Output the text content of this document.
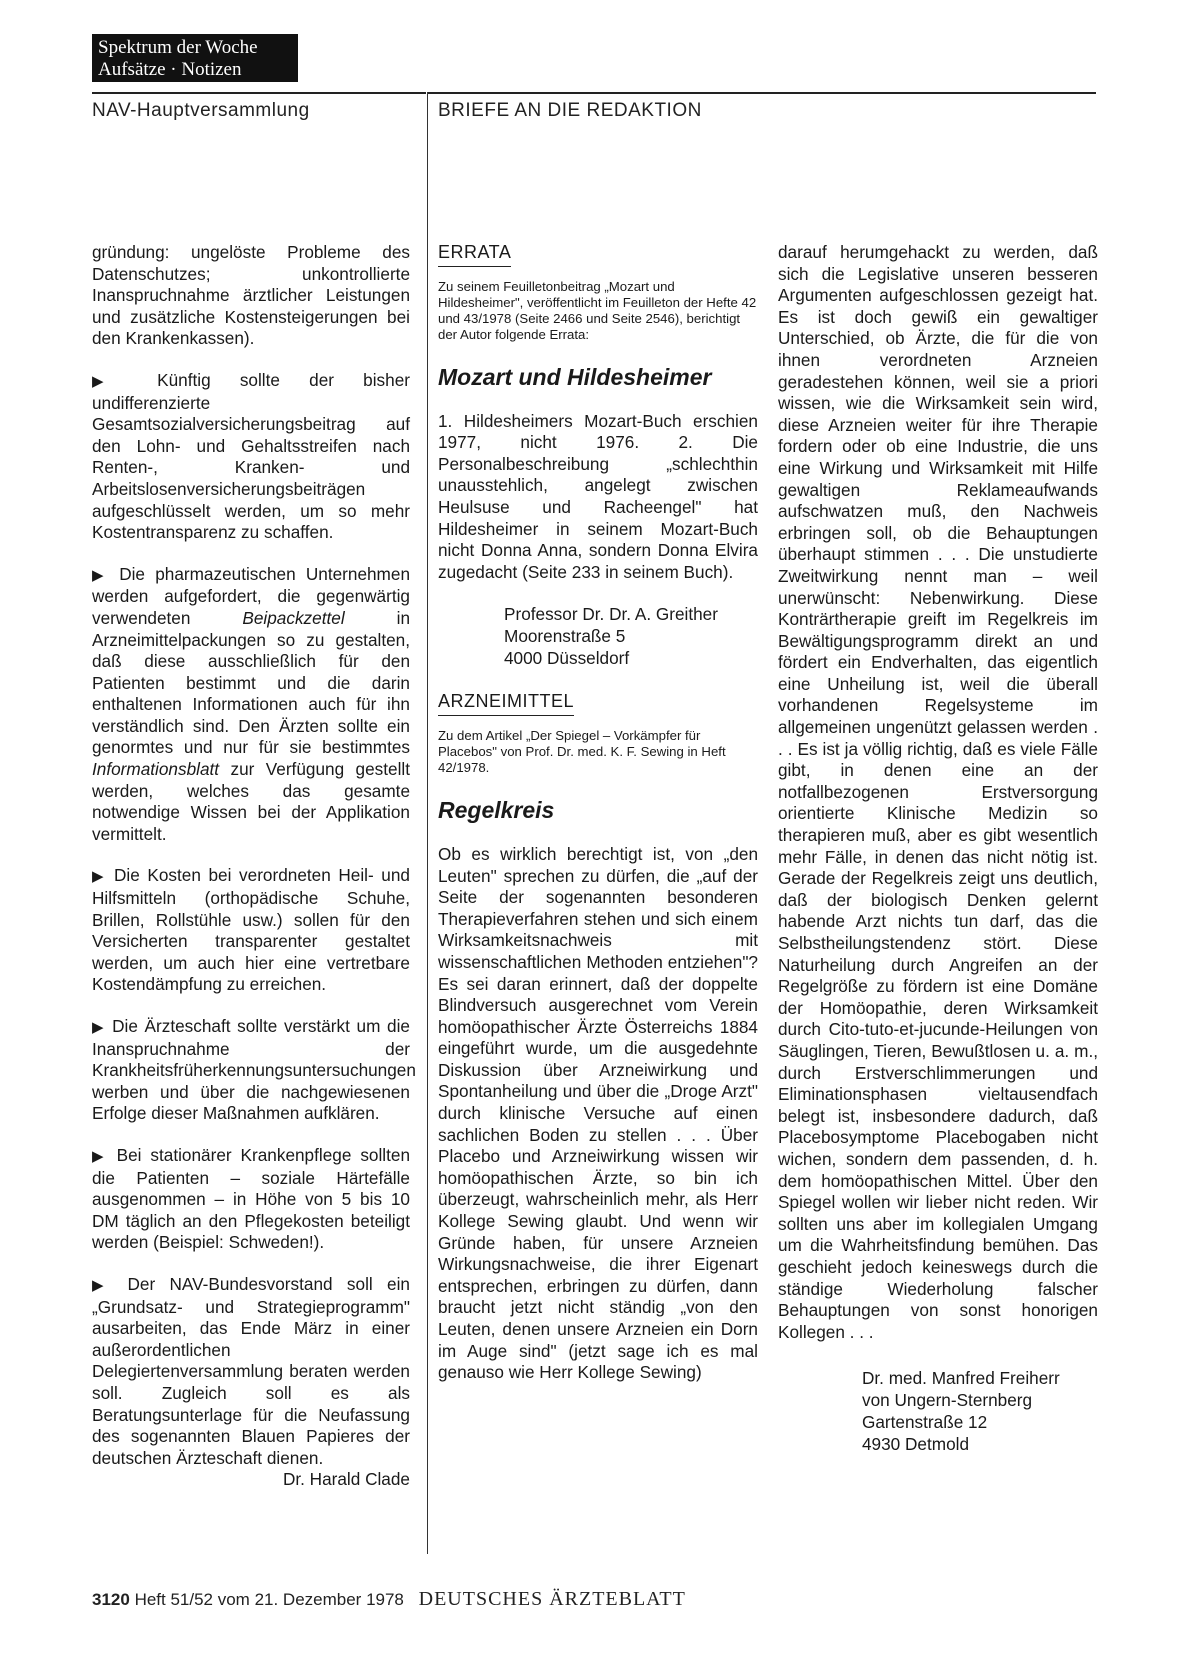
Spektrum der Woche
Aufsätze · Notizen
NAV-Hauptversammlung	BRIEFE AN DIE REDAKTION

gründung: ungelöste Probleme des Datenschutzes; unkontrollierte Inanspruchnahme ärztlicher Leistungen und zusätzliche Kostensteigerungen bei den Krankenkassen).

▶ Künftig sollte der bisher undifferenzierte Gesamtsozialversicherungsbeitrag auf den Lohn- und Gehaltsstreifen nach Renten-, Kranken- und Arbeitslosenversicherungsbeiträgen aufgeschlüsselt werden, um so mehr Kostentransparenz zu schaffen.

▶ Die pharmazeutischen Unternehmen werden aufgefordert, die gegenwärtig verwendeten Beipackzettel in Arzneimittelpackungen so zu gestalten, daß diese ausschließlich für den Patienten bestimmt und die darin enthaltenen Informationen auch für ihn verständlich sind. Den Ärzten sollte ein genormtes und nur für sie bestimmtes Informationsblatt zur Verfügung gestellt werden, welches das gesamte notwendige Wissen bei der Applikation vermittelt.

▶ Die Kosten bei verordneten Heil- und Hilfsmitteln (orthopädische Schuhe, Brillen, Rollstühle usw.) sollen für den Versicherten transparenter gestaltet werden, um auch hier eine vertretbare Kostendämpfung zu erreichen.

▶ Die Ärzteschaft sollte verstärkt um die Inanspruchnahme der Krankheitsfrüherkennungsuntersuchungen werben und über die nachgewiesenen Erfolge dieser Maßnahmen aufklären.

▶ Bei stationärer Krankenpflege sollten die Patienten – soziale Härtefälle ausgenommen – in Höhe von 5 bis 10 DM täglich an den Pflegekosten beteiligt werden (Beispiel: Schweden!).

▶ Der NAV-Bundesvorstand soll ein „Grundsatz- und Strategieprogramm" ausarbeiten, das Ende März in einer außerordentlichen Delegiertenversammlung beraten werden soll. Zugleich soll es als Beratungsunterlage für die Neufassung des sogenannten Blauen Papieres der deutschen Ärzteschaft dienen.

Dr. Harald Clade
ERRATA

Zu seinem Feuilletonbeitrag „Mozart und Hildesheimer", veröffentlicht im Feuilleton der Hefte 42 und 43/1978 (Seite 2466 und Seite 2546), berichtigt der Autor folgende Errata:

Mozart und Hildesheimer

1. Hildesheimers Mozart-Buch erschien 1977, nicht 1976. 2. Die Personalbeschreibung „schlechthin unausstehlich, angelegt zwischen Heulsuse und Racheengel" hat Hildesheimer in seinem Mozart-Buch nicht Donna Anna, sondern Donna Elvira zugedacht (Seite 233 in seinem Buch).

Professor Dr. Dr. A. Greither
Moorenstraße 5
4000 Düsseldorf
ARZNEIMITTEL

Zu dem Artikel „Der Spiegel – Vorkämpfer für Placebos" von Prof. Dr. med. K. F. Sewing in Heft 42/1978.

Regelkreis

Ob es wirklich berechtigt ist, von „den Leuten" sprechen zu dürfen, die „auf der Seite der sogenannten besonderen Therapieverfahren stehen und sich einem Wirksamkeitsnachweis mit wissenschaftlichen Methoden entziehen"? Es sei daran erinnert, daß der doppelte Blindversuch ausgerechnet vom Verein homöopathischer Ärzte Österreichs 1884 eingeführt wurde, um die ausgedehnte Diskussion über Arzneiwirkung und Spontanheilung und über die „Droge Arzt" durch klinische Versuche auf einen sachlichen Boden zu stellen . . . Über Placebo und Arzneiwirkung wissen wir homöopathischen Ärzte, so bin ich überzeugt, wahrscheinlich mehr, als Herr Kollege Sewing glaubt. Und wenn wir Gründe haben, für unsere Arzneien Wirkungsnachweise, die ihrer Eigenart entsprechen, erbringen zu dürfen, dann braucht jetzt nicht ständig „von den Leuten, denen unsere Arzneien ein Dorn im Auge sind" (jetzt sage ich es mal genauso wie Herr Kollege Sewing)

darauf herumgehackt zu werden, daß sich die Legislative unseren besseren Argumenten aufgeschlossen gezeigt hat. Es ist doch gewiß ein gewaltiger Unterschied, ob Ärzte, die für die von ihnen verordneten Arzneien geradestehen können, weil sie a priori wissen, wie die Wirksamkeit sein wird, diese Arzneien weiter für ihre Therapie fordern oder ob eine Industrie, die uns eine Wirkung und Wirksamkeit mit Hilfe gewaltigen Reklameaufwands aufschwatzen muß, den Nachweis erbringen soll, ob die Behauptungen überhaupt stimmen . . . Die unstudierte Zweitwirkung nennt man – weil unerwünscht: Nebenwirkung. Diese Konträrtherapie greift im Regelkreis im Bewältigungsprogramm direkt an und fördert ein Endverhalten, das eigentlich eine Unheilung ist, weil die überall vorhandenen Regelsysteme im allgemeinen ungenützt gelassen werden . . . Es ist ja völlig richtig, daß es viele Fälle gibt, in denen eine an der notfallbezogenen Erstversorgung orientierte Klinische Medizin so therapieren muß, aber es gibt wesentlich mehr Fälle, in denen das nicht nötig ist. Gerade der Regelkreis zeigt uns deutlich, daß der biologisch Denken gelernt habende Arzt nichts tun darf, das die Selbstheilungstendenz stört. Diese Naturheilung durch Angreifen an der Regelgröße zu fördern ist eine Domäne der Homöopathie, deren Wirksamkeit durch Cito-tuto-et-jucunde-Heilungen von Säuglingen, Tieren, Bewußtlosen u. a. m., durch Erstverschlimmerungen und Eliminationsphasen vieltausendfach belegt ist, insbesondere dadurch, daß Placebosymptome Placebogaben nicht wichen, sondern dem passenden, d. h. dem homöopathischen Mittel. Über den Spiegel wollen wir lieber nicht reden. Wir sollten uns aber im kollegialen Umgang um die Wahrheitsfindung bemühen. Das geschieht jedoch keineswegs durch die ständige Wiederholung falscher Behauptungen von sonst honorigen Kollegen . . .

Dr. med. Manfred Freiherr
von Ungern-Sternberg
Gartenstraße 12
4930 Detmold
3120 Heft 51/52 vom 21. Dezember 1978 DEUTSCHES ÄRZTEBLATT
